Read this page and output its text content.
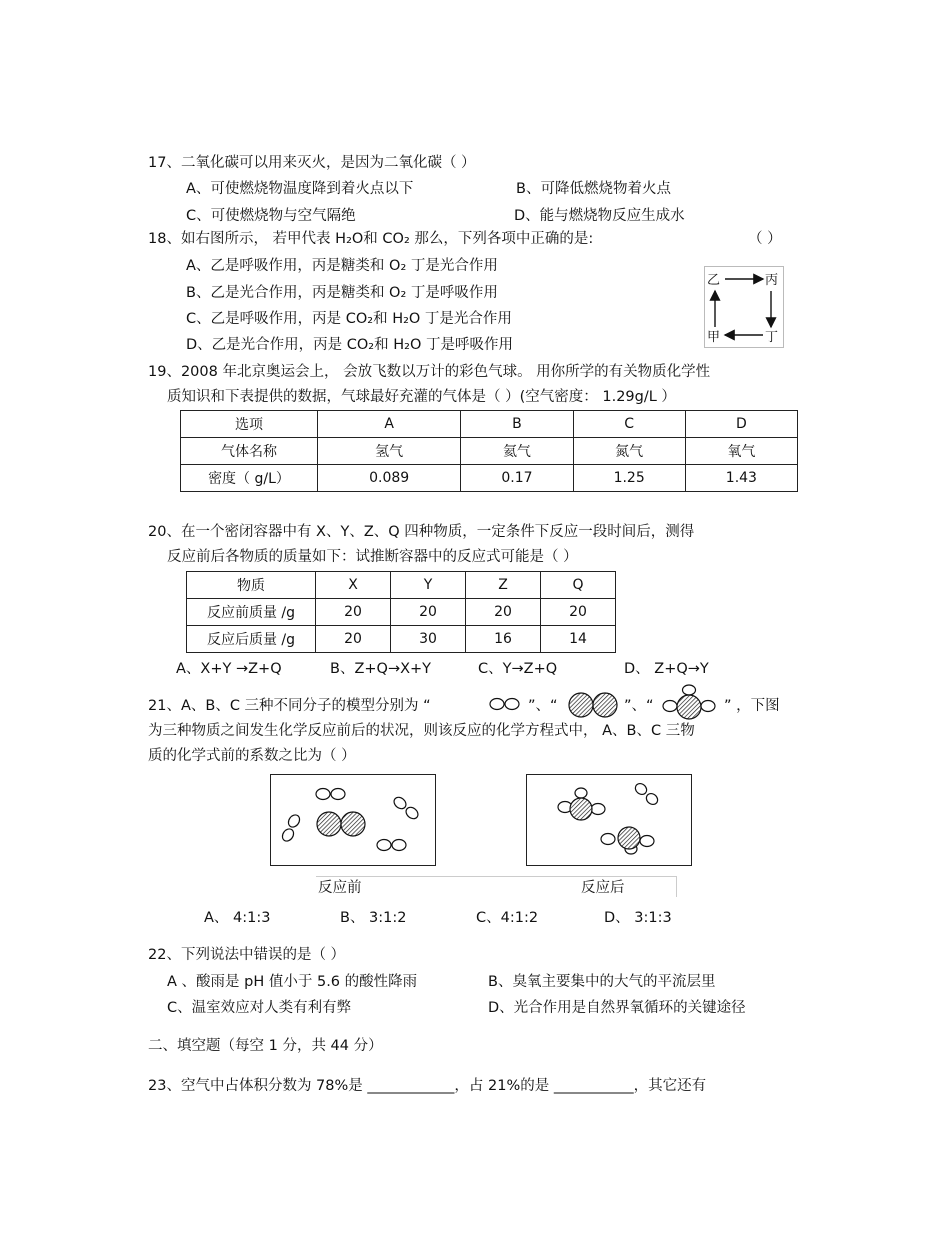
17、二氧化碳可以用来灭火，是因为二氧化碳（ ）
A、可使燃烧物温度降到着火点以下	B、可降低燃烧物着火点
C、可使燃烧物与空气隔绝	D、能与燃烧物反应生成水
18、如右图所示， 若甲代表 H₂O和 CO₂ 那么，下列各项中正确的是:	（ ）
A、乙是呼吸作用，丙是糖类和 O₂ 丁是光合作用
B、乙是光合作用，丙是糖类和 O₂ 丁是呼吸作用
C、乙是呼吸作用，丙是 CO₂和 H₂O 丁是光合作用
D、乙是光合作用，丙是 CO₂和 H₂O 丁是呼吸作用
乙	丙
甲	丁
19、2008 年北京奥运会上， 会放飞数以万计的彩色气球。 用你所学的有关物质化学性
质知识和下表提供的数据，气球最好充灌的气体是（ ）(空气密度： 1.29g/L ）
选项	A	B	C	D
气体名称	氢气	氦气	氮气	氧气
密度（ g/L）	0.089	0.17	1.25	1.43
20、在一个密闭容器中有 X、Y、Z、Q 四种物质，一定条件下反应一段时间后，测得
反应前后各物质的质量如下：试推断容器中的反应式可能是（ ）
物质	X	Y	Z	Q
反应前质量 /g	20	20	20	20
反应后质量 /g	20	30	16	14
A、X+Y →Z+Q	B、Z+Q→X+Y	C、Y→Z+Q	D、 Z+Q→Y
21、A、B、C 三种不同分子的模型分别为 “	”、“	”、“	” ，下图
为三种物质之间发生化学反应前后的状况，则该反应的化学方程式中， A、B、C 三物
质的化学式前的系数之比为（ ）
反应前	反应后
A、 4:1:3	B、 3:1:2	C、4:1:2	D、 3:1:3
22、下列说法中错误的是（ ）
A 、酸雨是 pH 值小于 5.6 的酸性降雨	B、臭氧主要集中的大气的平流层里
C、温室效应对人类有利有弊	D、光合作用是自然界氧循环的关键途径
二、填空题（每空 1 分，共 44 分）
23、空气中占体积分数为 78%是 ____________，占 21%的是 ___________，其它还有
